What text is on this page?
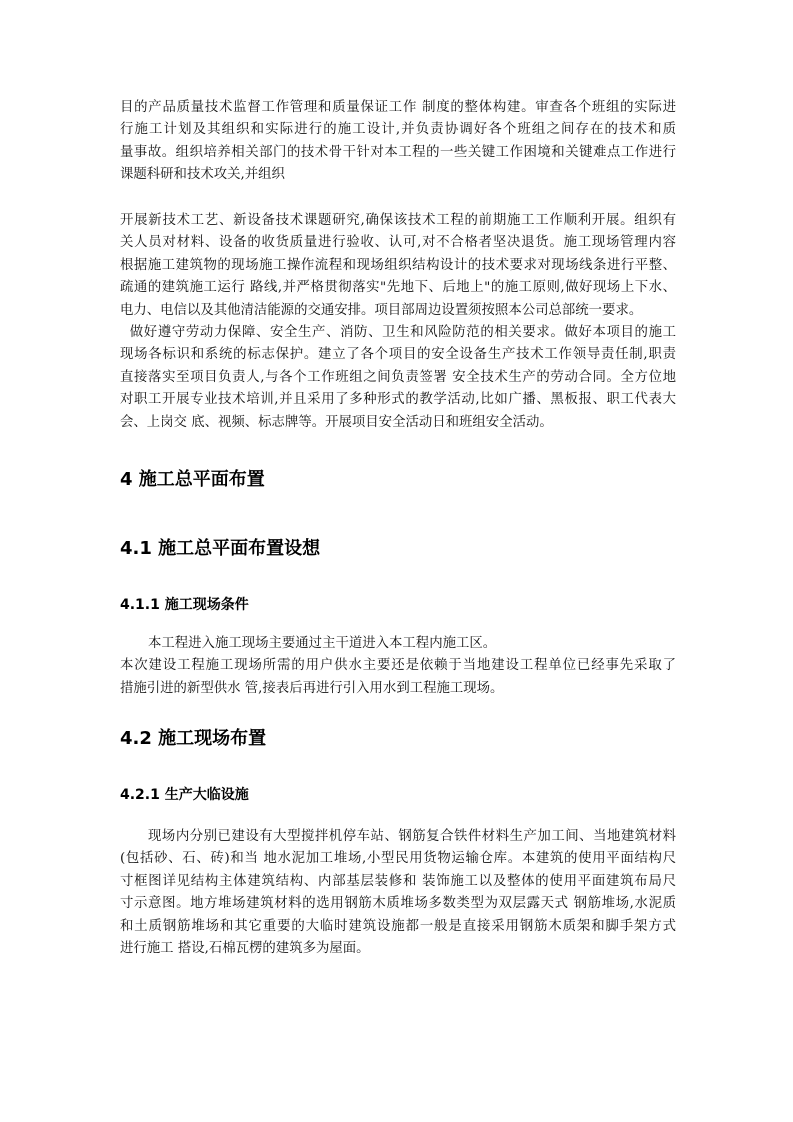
目的产品质量技术监督工作管理和质量保证工作 制度的整体构建。审查各个班组的实际进
行施工计划及其组织和实际进行的施工设计,并负责协调好各个班组之间存在的技术和质
量事故。组织培养相关部门的技术骨干针对本工程的一些关键工作困境和关键难点工作进行
课题科研和技术攻关,并组织
开展新技术工艺、新设备技术课题研究,确保该技术工程的前期施工工作顺利开展。组织有
关人员对材料、设备的收货质量进行验收、认可,对不合格者坚决退货。施工现场管理内容
根据施工建筑物的现场施工操作流程和现场组织结构设计的技术要求对现场线条进行平整、
疏通的建筑施工运行 路线,并严格贯彻落实"先地下、后地上"的施工原则,做好现场上下水、
电力、电信以及其他清洁能源的交通安排。项目部周边设置须按照本公司总部统一要求。
做好遵守劳动力保障、安全生产、消防、卫生和风险防范的相关要求。做好本项目的施工
现场各标识和系统的标志保护。建立了各个项目的安全设备生产技术工作领导责任制,职责
直接落实至项目负责人,与各个工作班组之间负责签署 安全技术生产的劳动合同。全方位地
对职工开展专业技术培训,并且采用了多种形式的教学活动,比如广播、黑板报、职工代表大
会、上岗交 底、视频、标志牌等。开展项目安全活动日和班组安全活动。
4 施工总平面布置
4.1 施工总平面布置设想
4.1.1 施工现场条件
本工程进入施工现场主要通过主干道进入本工程内施工区。
本次建设工程施工现场所需的用户供水主要还是依赖于当地建设工程单位已经事先采取了
措施引进的新型供水 管,接表后再进行引入用水到工程施工现场。
4.2 施工现场布置
4.2.1 生产大临设施
现场内分别已建设有大型搅拌机停车站、钢筋复合铁件材料生产加工间、当地建筑材料
(包括砂、石、砖)和当 地水泥加工堆场,小型民用货物运输仓库。本建筑的使用平面结构尺
寸框图详见结构主体建筑结构、内部基层装修和 装饰施工以及整体的使用平面建筑布局尺
寸示意图。地方堆场建筑材料的选用钢筋木质堆场多数类型为双层露天式 钢筋堆场,水泥质
和土质钢筋堆场和其它重要的大临时建筑设施都一般是直接采用钢筋木质架和脚手架方式
进行施工 搭设,石棉瓦楞的建筑多为屋面。
